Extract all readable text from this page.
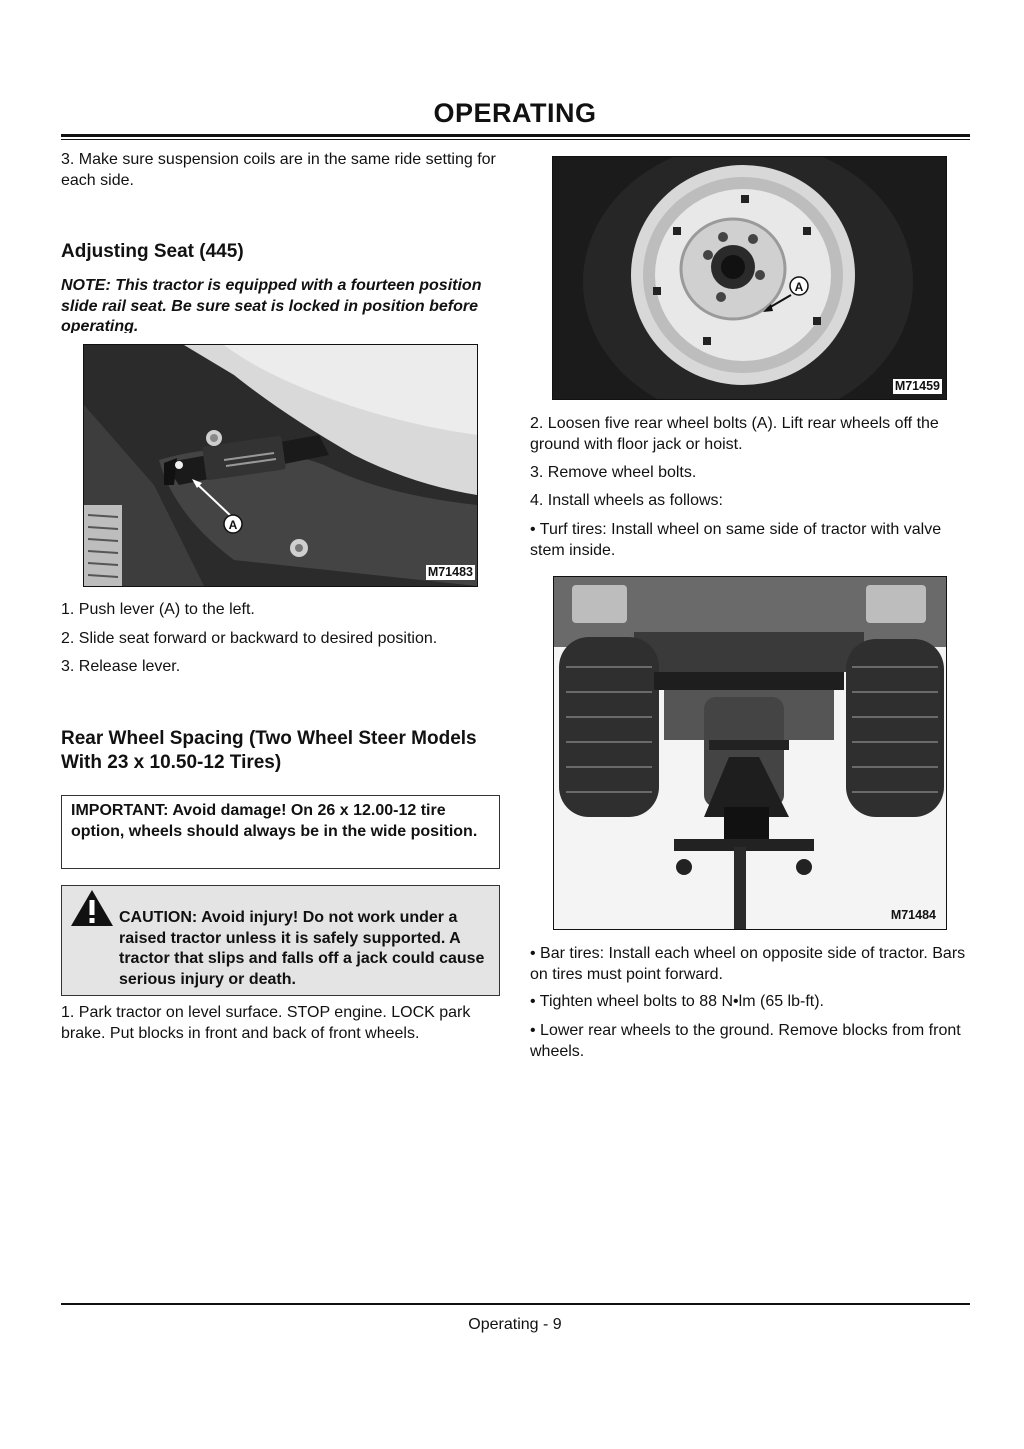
OPERATING
3. Make sure suspension coils are in the same ride setting for each side.
Adjusting Seat (445)
NOTE: This tractor is equipped with a fourteen position slide rail seat. Be sure seat is locked in position before operating.
A
M71483
1. Push lever (A) to the left.
2. Slide seat forward or backward to desired position.
3. Release lever.
Rear Wheel Spacing (Two Wheel Steer Models With 23 x 10.50-12 Tires)
IMPORTANT: Avoid damage! On 26 x 12.00-12 tire option, wheels should always be in the wide position.
CAUTION: Avoid injury! Do not work under a raised tractor unless it is safely supported. A tractor that slips and falls off a jack could cause serious injury or death.
1. Park tractor on level surface. STOP engine. LOCK park brake. Put blocks in front and back of front wheels.
A
M71459
2. Loosen five rear wheel bolts (A). Lift rear wheels off the ground with floor jack or hoist.
3. Remove wheel bolts.
4. Install wheels as follows:
• Turf tires: Install wheel on same side of tractor with valve stem inside.
M71484
• Bar tires: Install each wheel on opposite side of tractor. Bars on tires must point forward.
• Tighten wheel bolts to 88 N•lm (65 lb-ft).
• Lower rear wheels to the ground. Remove blocks from front wheels.
Operating - 9
